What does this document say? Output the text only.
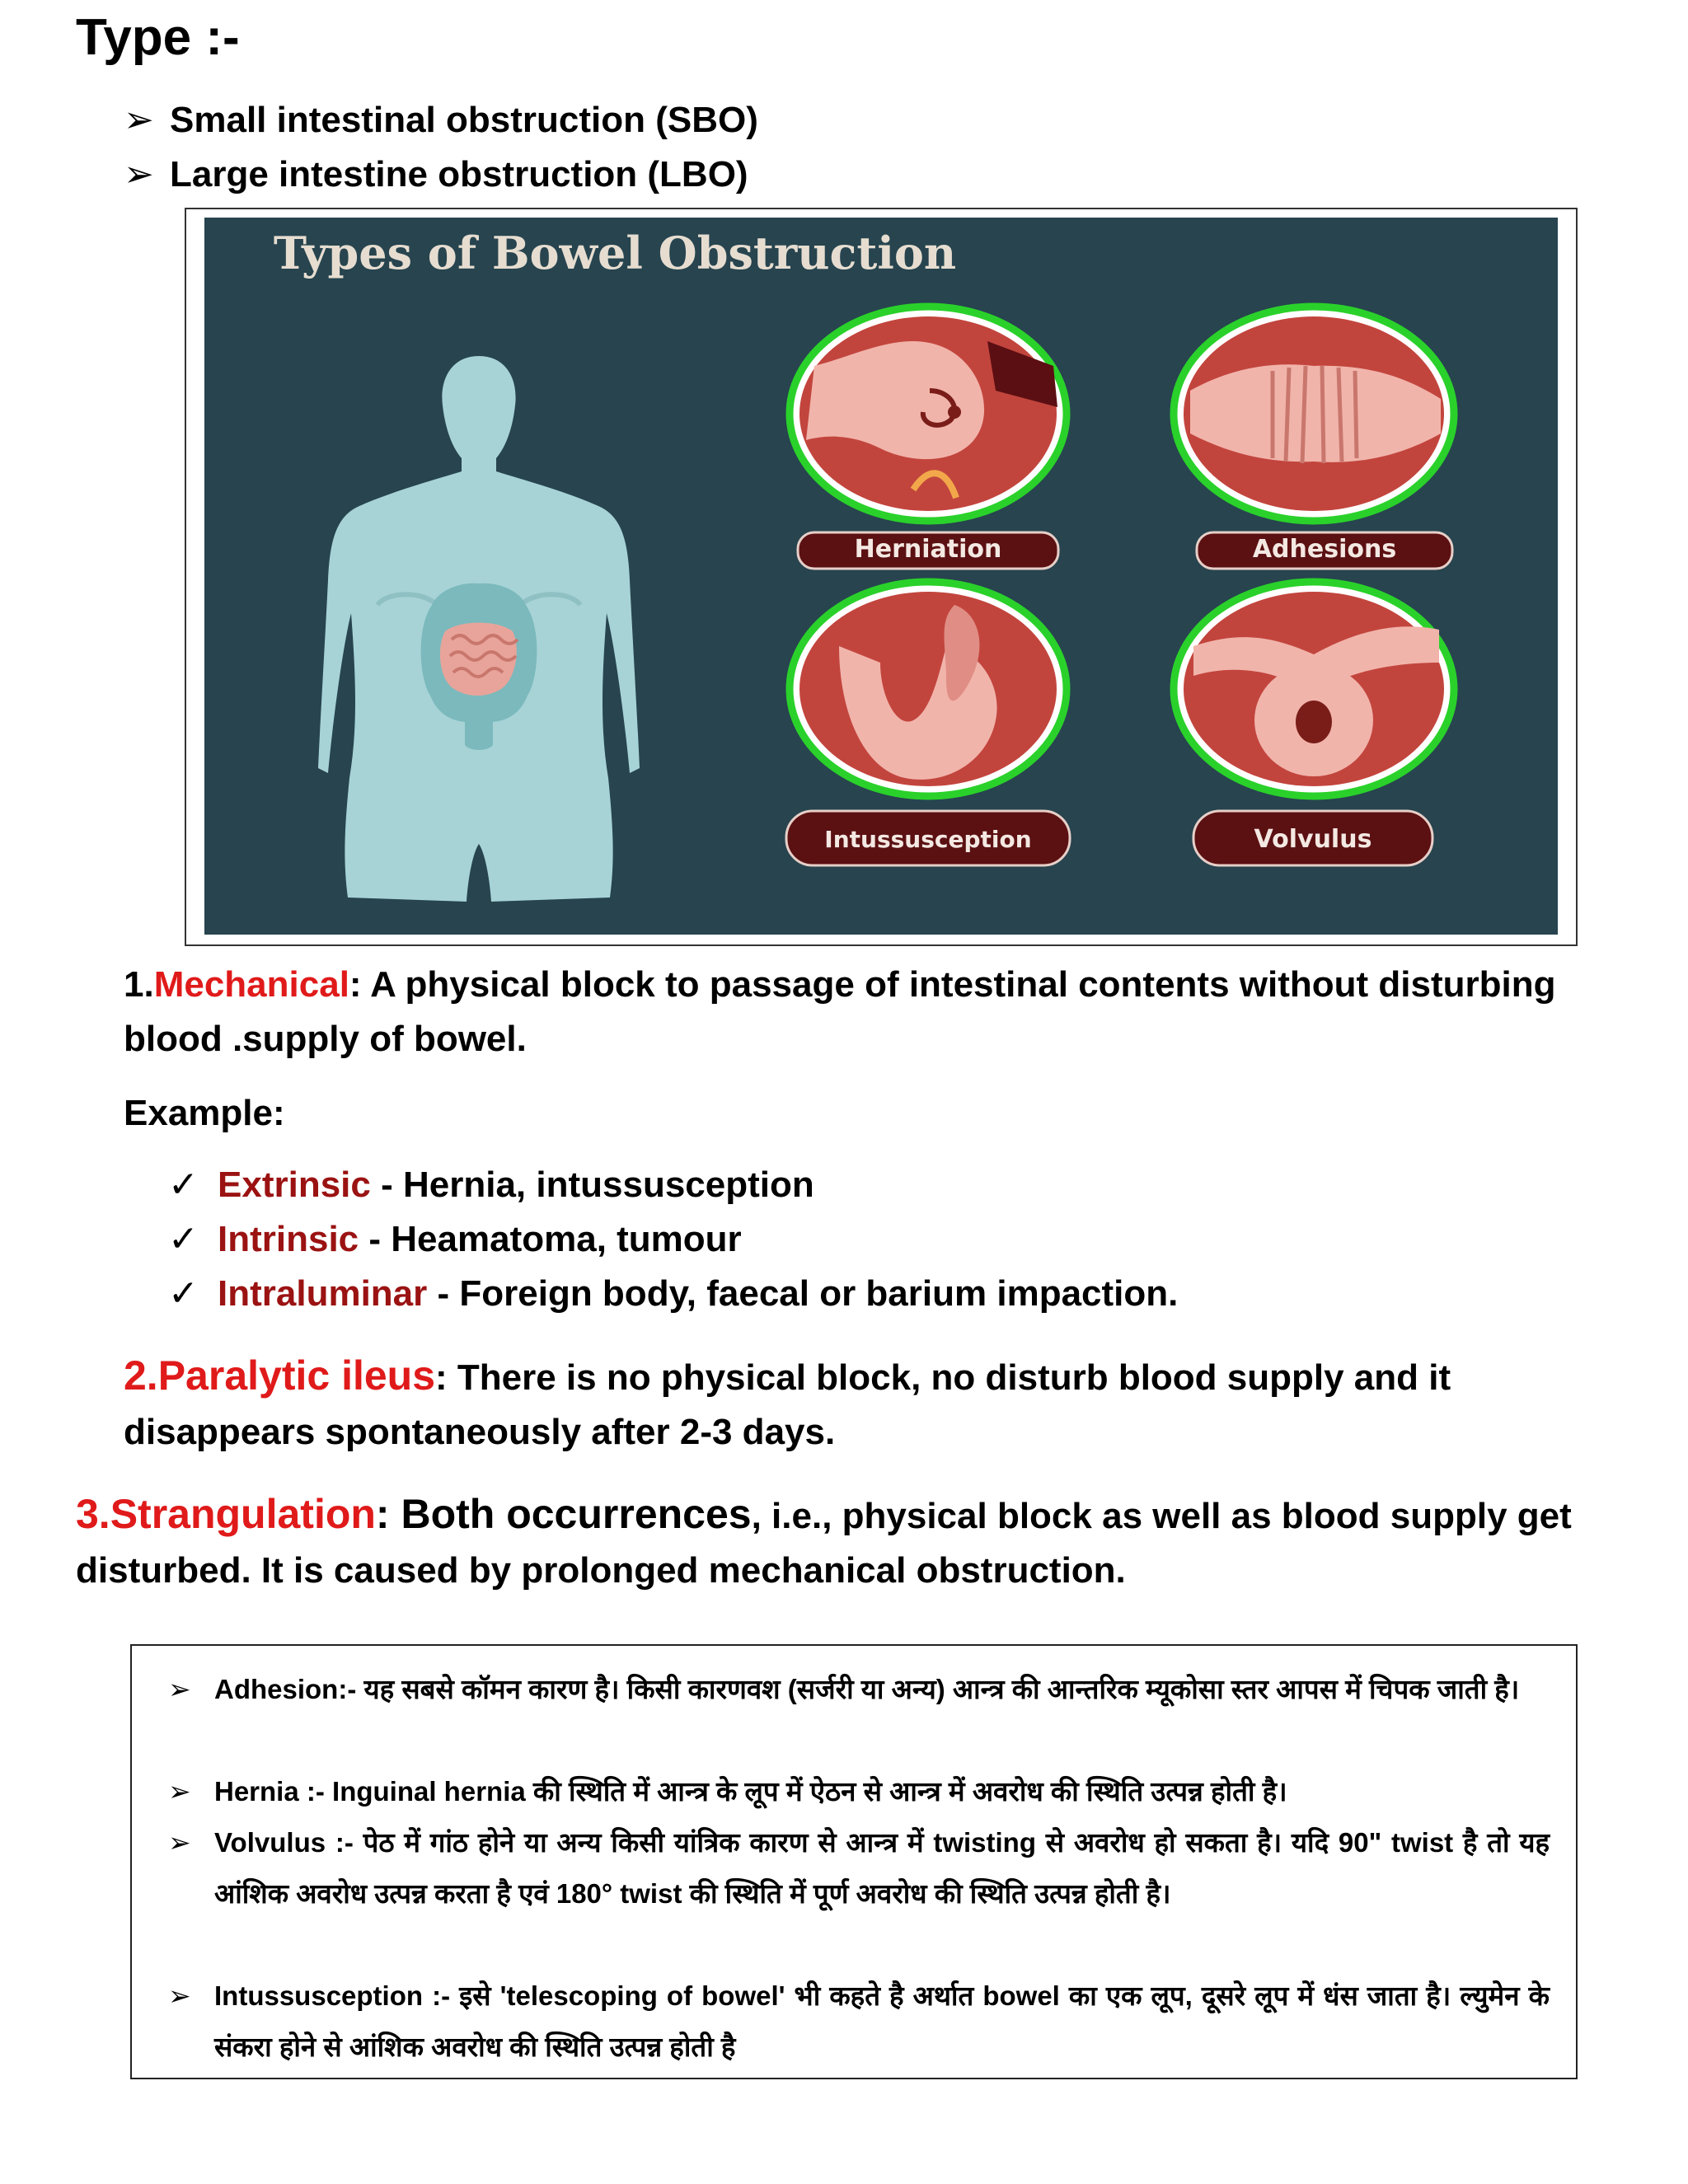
Type :-
➢ Small intestinal obstruction (SBO)
➢ Large intestine obstruction (LBO)
Types of Bowel Obstruction
Herniation	Adhesions
Intussusception	Volvulus
1.Mechanical: A physical block to passage of intestinal contents without disturbing
blood .supply of bowel.
Example:
✓ Extrinsic - Hernia, intussusception
✓ Intrinsic - Heamatoma, tumour
✓ Intraluminar - Foreign body, faecal or barium impaction.
2.Paralytic ileus: There is no physical block, no disturb blood supply and it
disappears spontaneously after 2-3 days.
3.Strangulation: Both occurrences, i.e., physical block as well as blood supply get
disturbed. It is caused by prolonged mechanical obstruction.
➢ Adhesion:- यह सबसे कॉमन कारण है। किसी कारणवश (सर्जरी या अन्य) आन्त्र की आन्तरिक म्यूकोसा स्तर आपस में चिपक जाती है।
➢ Hernia :- Inguinal hernia की स्थिति में आन्त्र के लूप में ऐठन से आन्त्र में अवरोध की स्थिति उत्पन्न होती है।
➢ Volvulus :- पेठ में गांठ होने या अन्य किसी यांत्रिक कारण से आन्त्र में twisting से अवरोध हो सकता है। यदि 90" twist है तो यह आंशिक अवरोध उत्पन्न करता है एवं 180° twist की स्थिति में पूर्ण अवरोध की स्थिति उत्पन्न होती है।
➢ Intussusception :- इसे 'telescoping of bowel' भी कहते है अर्थात bowel का एक लूप, दूसरे लूप में धंस जाता है। ल्युमेन के संकरा होने से आंशिक अवरोध की स्थिति उत्पन्न होती है
